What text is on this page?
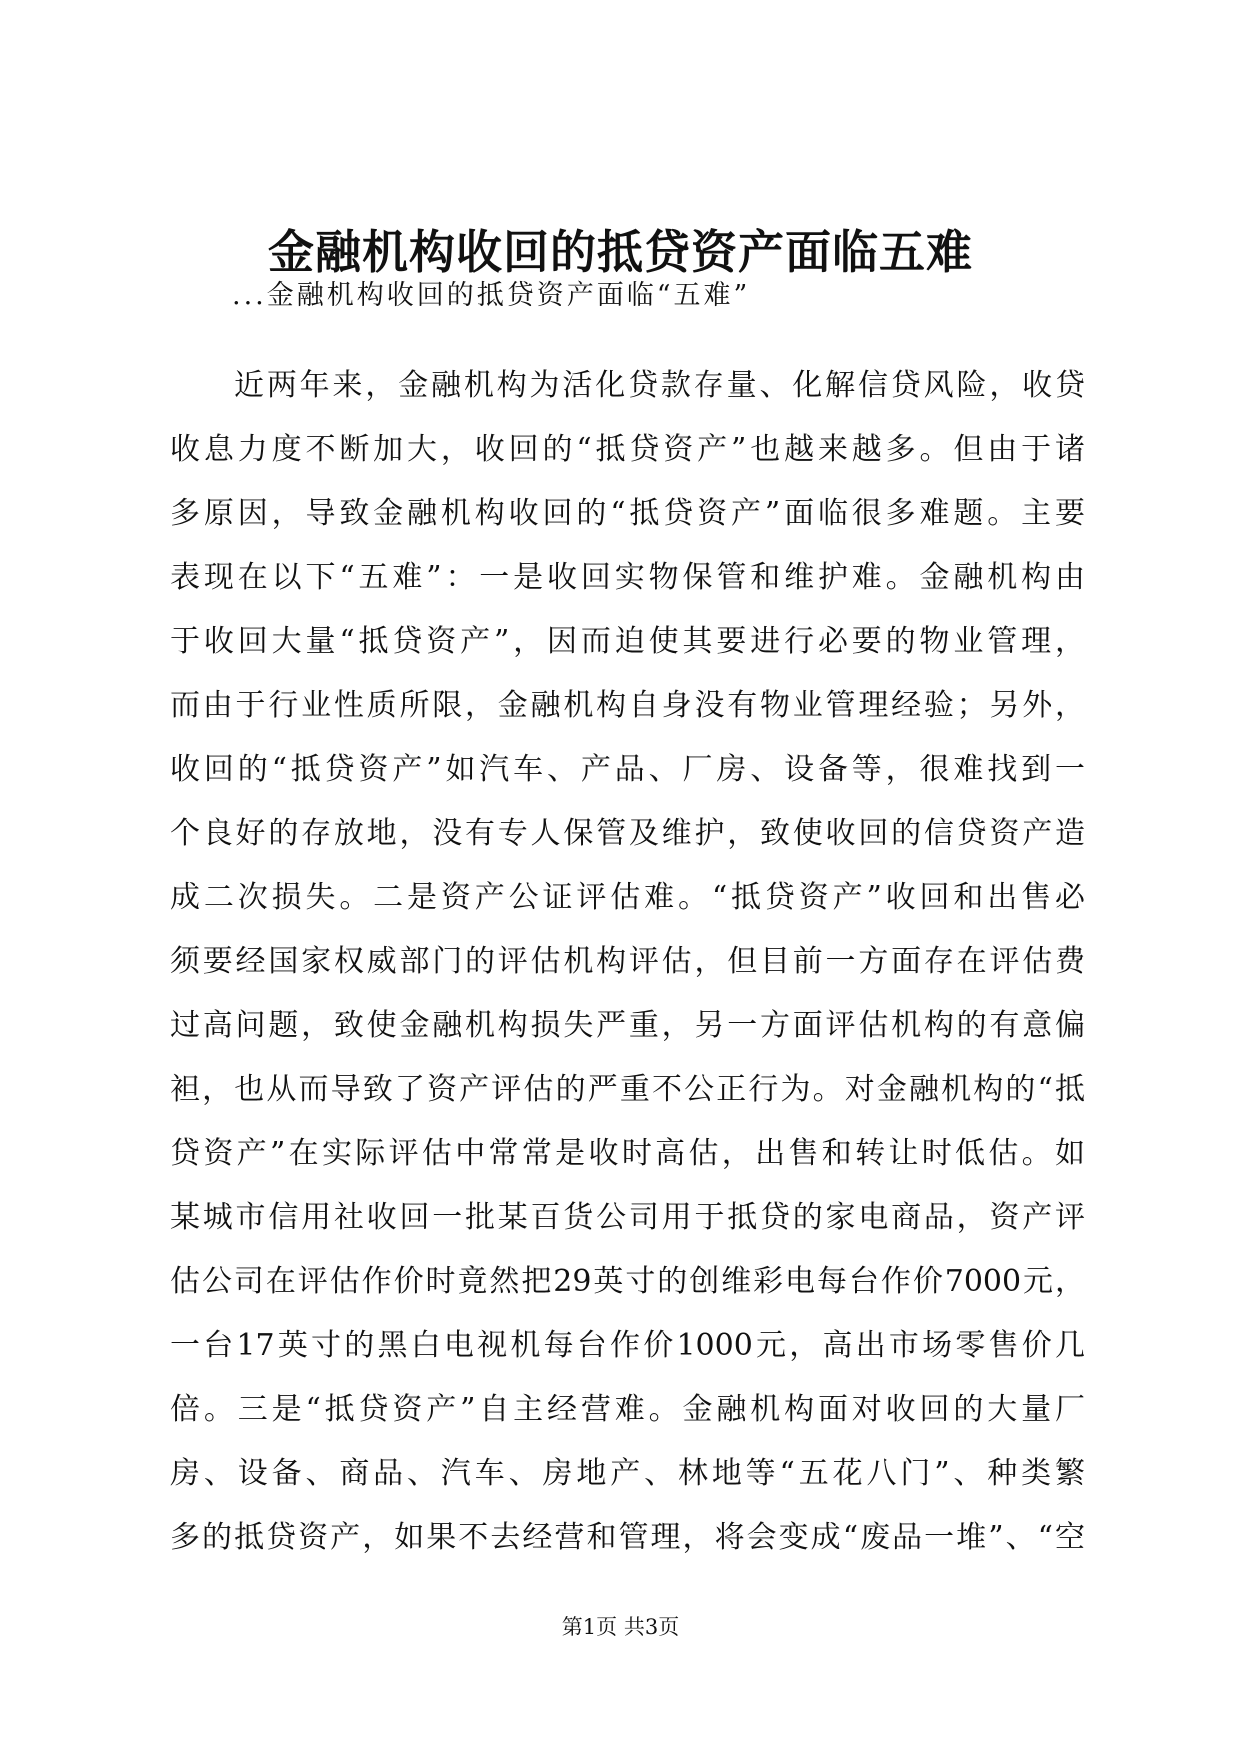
金融机构收回的抵贷资产面临五难
...金融机构收回的抵贷资产面临“五难”
近两年来，金融机构为活化贷款存量、化解信贷风险，收贷
收息力度不断加大，收回的“抵贷资产”也越来越多。但由于诸
多原因，导致金融机构收回的“抵贷资产”面临很多难题。主要
表现在以下“五难”：一是收回实物保管和维护难。金融机构由
于收回大量“抵贷资产”，因而迫使其要进行必要的物业管理，
而由于行业性质所限，金融机构自身没有物业管理经验；另外，
收回的“抵贷资产”如汽车、产品、厂房、设备等，很难找到一
个良好的存放地，没有专人保管及维护，致使收回的信贷资产造
成二次损失。二是资产公证评估难。“抵贷资产”收回和出售必
须要经国家权威部门的评估机构评估，但目前一方面存在评估费
过高问题，致使金融机构损失严重，另一方面评估机构的有意偏
袒，也从而导致了资产评估的严重不公正行为。对金融机构的“抵
贷资产”在实际评估中常常是收时高估，出售和转让时低估。如
某城市信用社收回一批某百货公司用于抵贷的家电商品，资产评
估公司在评估作价时竟然把29英寸的创维彩电每台作价7000元，
一台17英寸的黑白电视机每台作价1000元，高出市场零售价几
倍。三是“抵贷资产”自主经营难。金融机构面对收回的大量厂
房、设备、商品、汽车、房地产、林地等“五花八门”、种类繁
多的抵贷资产，如果不去经营和管理，将会变成“废品一堆”、“空
第1页 共3页
